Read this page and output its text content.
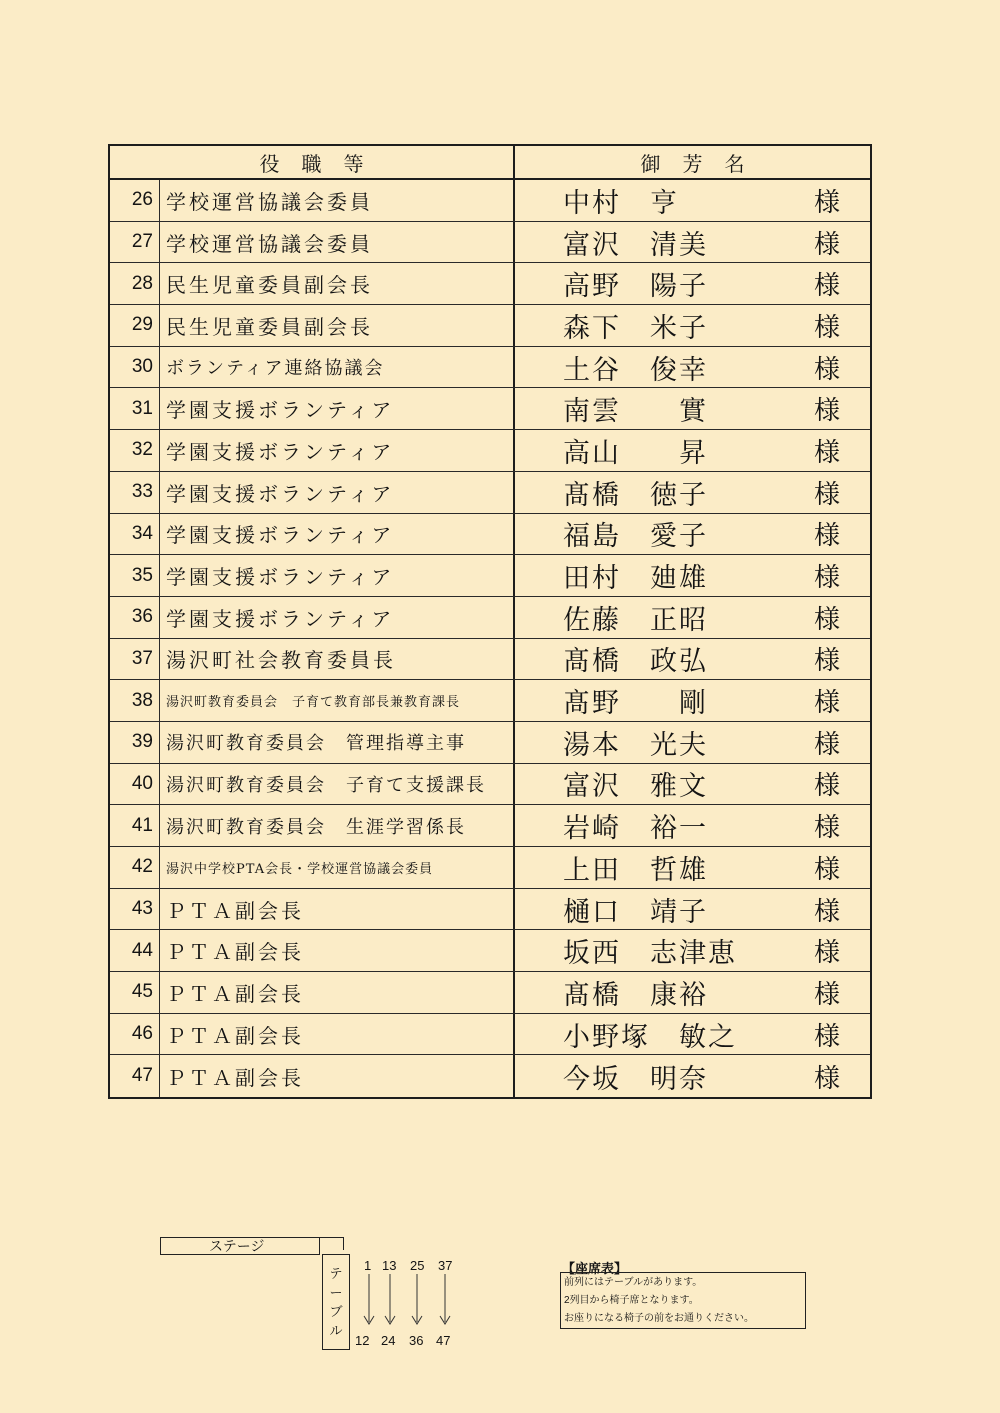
役職等	御芳名
26 学校運営協議会委員	中村　亨	様
27 学校運営協議会委員	富沢　清美	様
28 民生児童委員副会長	高野　陽子	様
29 民生児童委員副会長	森下　米子	様
30 ボランティア連絡協議会	土谷　俊幸	様
31 学園支援ボランティア	南雲　　實	様
32 学園支援ボランティア	高山　　昇	様
33 学園支援ボランティア	髙橋　徳子	様
34 学園支援ボランティア	福島　愛子	様
35 学園支援ボランティア	田村　廸雄	様
36 学園支援ボランティア	佐藤　正昭	様
37 湯沢町社会教育委員長	髙橋　政弘	様
38	湯沢町教育委員会　子育て教育部長兼教育課長	髙野　　剛	様
39 湯沢町教育委員会　管理指導主事	湯本　光夫	様
40 湯沢町教育委員会　子育て支援課長	富沢　雅文	様
41 湯沢町教育委員会　生涯学習係長	岩崎　裕一	様
42	湯沢中学校PTA会長・学校運営協議会委員	上田　哲雄	様
43 ＰＴＡ副会長	樋口　靖子	様
44 ＰＴＡ副会長	坂西　志津恵	様
45 ＰＴＡ副会長	髙橋　康裕	様
46 ＰＴＡ副会長	小野塚　敏之	様
47 ＰＴＡ副会長	今坂　明奈	様
ステージ
テ
ー
ブ
ル
1 13 25 37
12 24 36 47
【座席表】
前列にはテーブルがあります。
2列目から椅子席となります。
お座りになる椅子の前をお通りください。
